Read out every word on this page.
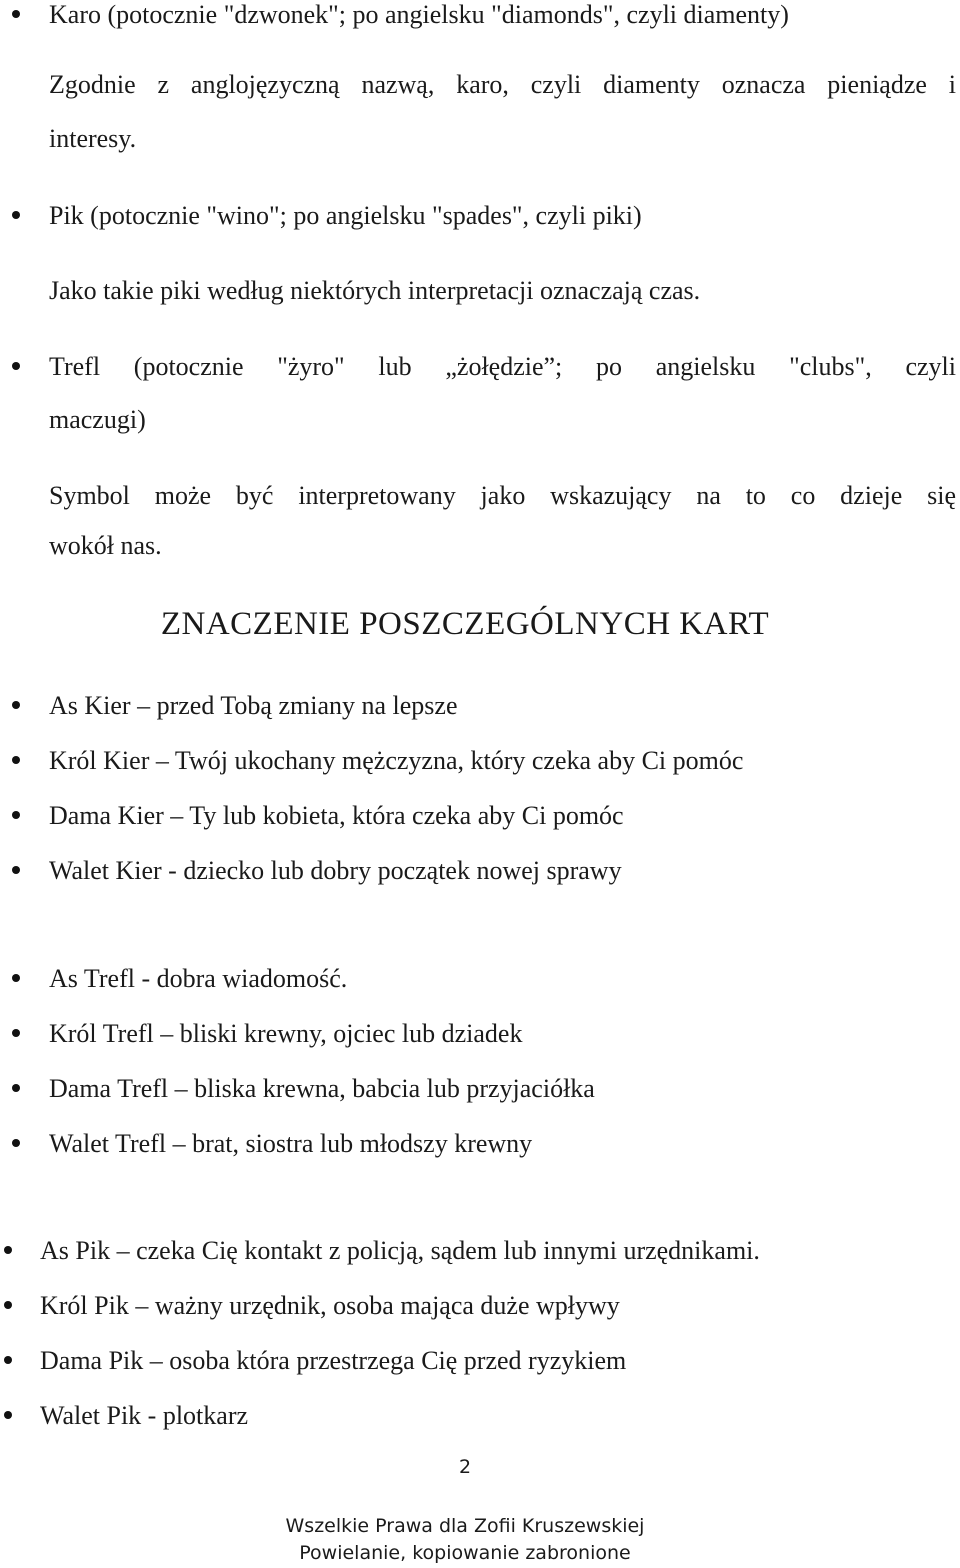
Karo (potocznie "dzwonek"; po angielsku "diamonds", czyli diamenty)
Zgodnie z anglojęzyczną nazwą, karo, czyli diamenty oznacza pieniądze i
interesy.
Pik (potocznie "wino"; po angielsku "spades", czyli piki)
Jako takie piki według niektórych interpretacji oznaczają czas.
Trefl (potocznie "żyro" lub „żołędzie”; po angielsku "clubs", czyli
maczugi)
Symbol może być interpretowany jako wskazujący na to co dzieje się
wokół nas.
ZNACZENIE POSZCZEGÓLNYCH KART
As Kier – przed Tobą zmiany na lepsze
Król Kier – Twój ukochany mężczyzna, który czeka aby Ci pomóc
Dama Kier – Ty lub kobieta, która czeka aby Ci pomóc
Walet Kier - dziecko lub dobry początek nowej sprawy
As Trefl - dobra wiadomość.
Król Trefl – bliski krewny, ojciec lub dziadek
Dama Trefl – bliska krewna, babcia lub przyjaciółka
Walet Trefl – brat, siostra lub młodszy krewny
As Pik – czeka Cię kontakt z policją, sądem lub innymi urzędnikami.
Król Pik – ważny urzędnik, osoba mająca duże wpływy
Dama Pik – osoba która przestrzega Cię przed ryzykiem
Walet Pik - plotkarz
2
Wszelkie Prawa dla Zofii Kruszewskiej
Powielanie, kopiowanie zabronione
